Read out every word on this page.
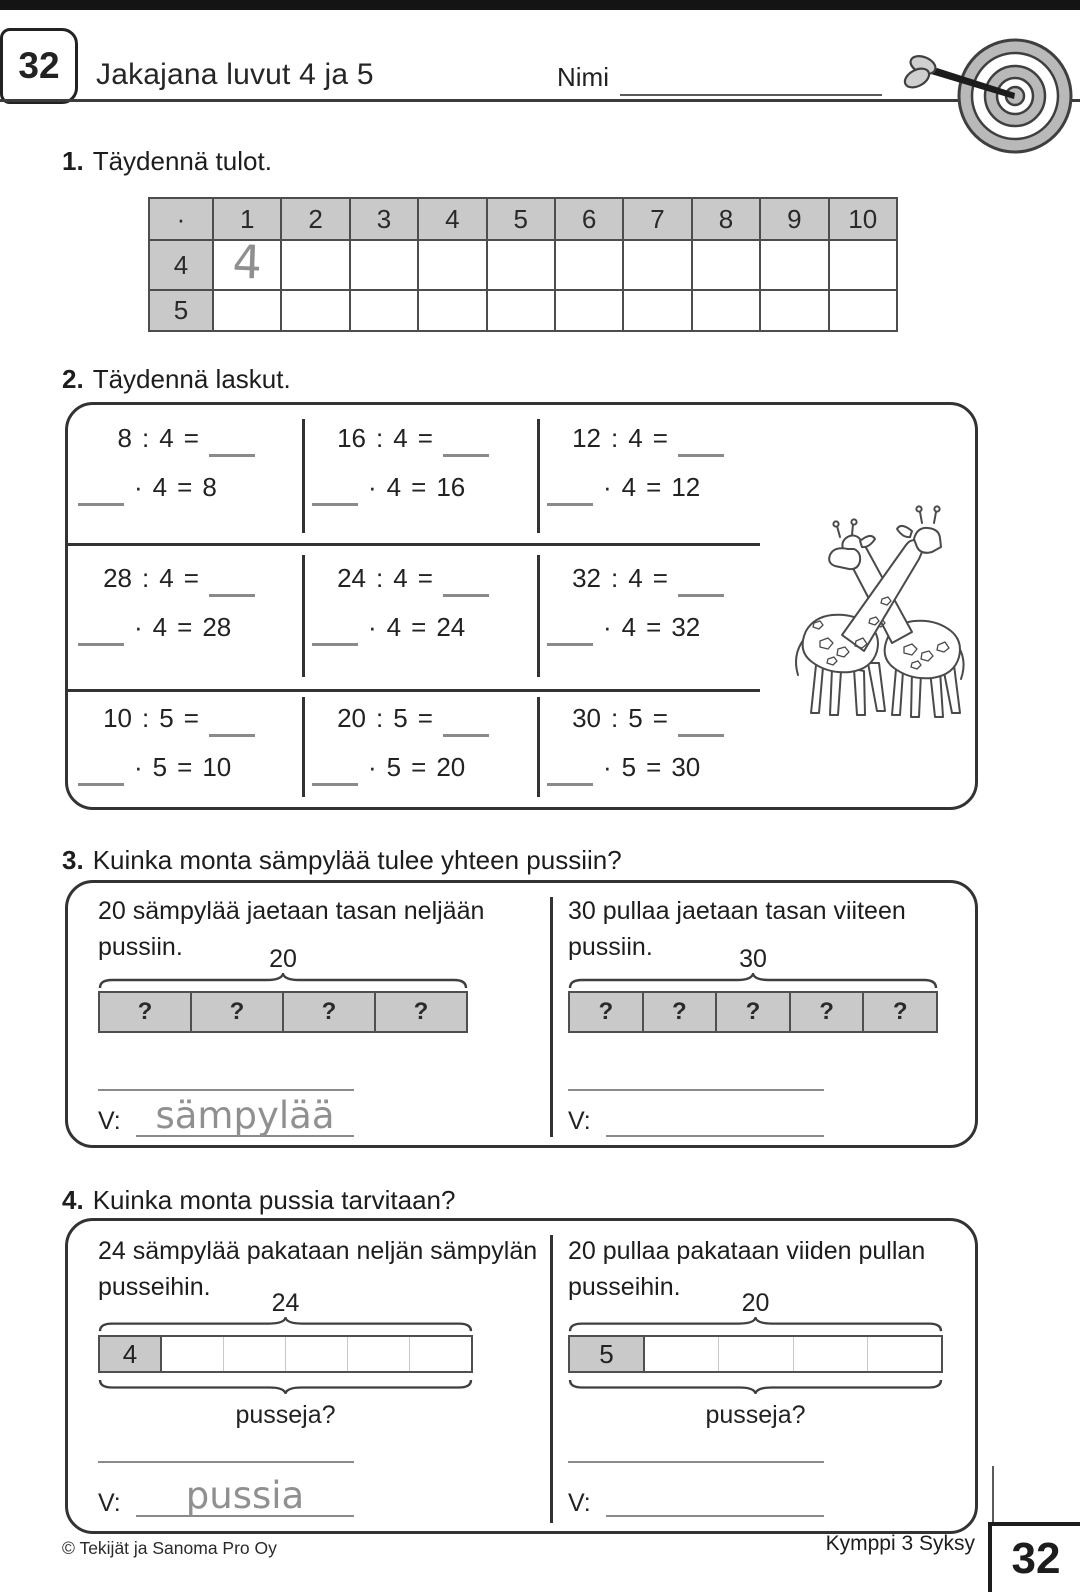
32 Jakajana luvut 4 ja 5	Nimi
1. Täydennä tulot.
·	1	2	3	4	5	6	7	8	9	10
4	4									

5										
2. Täydennä laskut.
8 : 4 =
· 4 = 8
16 : 4 =
· 4 = 16
12 : 4 =
· 4 = 12
28 : 4 =
· 4 = 28
24 : 4 =
· 4 = 24
32 : 4 =
· 4 = 32
10 : 5 =
· 5 = 10
20 : 5 =
· 5 = 20
30 : 5 =
· 5 = 30
3. Kuinka monta sämpylää tulee yhteen pussiin?
20 sämpylää jaetaan tasan neljään
pussiin.	20
?	?	?	?
V: sämpylää
30 pullaa jaetaan tasan viiteen
pussiin.	30
?	?	?	?	?
V:
4. Kuinka monta pussia tarvitaan?
24 sämpylää pakataan neljän sämpylän
pusseihin.
24
4
pusseja?
V:	pussia
20 pullaa pakataan viiden pullan
pusseihin.
20
5
pusseja?
V:
© Tekijät ja Sanoma Pro Oy	Kymppi 3 Syksy 32
